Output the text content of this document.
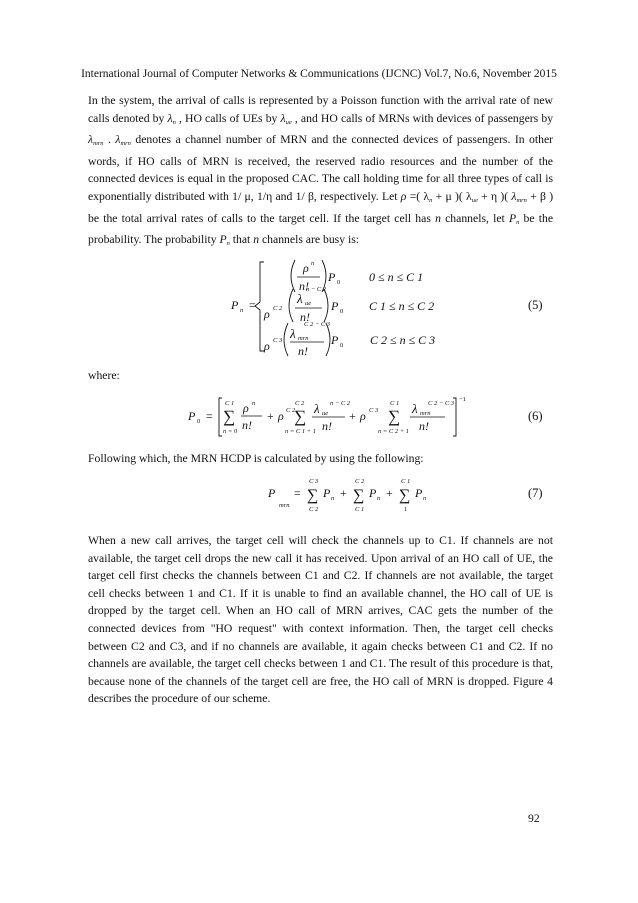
International Journal of Computer Networks & Communications (IJCNC) Vol.7, No.6, November 2015
In the system, the arrival of calls is represented by a Poisson function with the arrival rate of new calls denoted by $\lambda_n$ , HO calls of UEs by $\lambda_{ue}$ , and HO calls of MRNs with devices of passengers by $\lambda_{mrn}$ . $\lambda_{mrn}$ denotes a channel number of MRN and the connected devices of passengers. In other words, if HO calls of MRN is received, the reserved radio resources and the number of the connected devices is equal in the proposed CAC. The call holding time for all three types of call is exponentially distributed with 1/ μ, 1/η and 1/ β, respectively. Let ρ =( $\lambda_n + \mu$ )( $\lambda_{ue} + \eta$ )( $\lambda_{mrn} + \beta$ ) be the total arrival rates of calls to the target cell. If the target cell has n channels, let $P_n$ be the probability. The probability $P_n$ that n channels are busy is:
P n =
ρ n
n!
P 0 0 ≤ n ≤ C 1
ρ C 2
n − C 2
λ ue
n!
P 0 C 1 ≤ n ≤ C 2
ρ C 3
C 2 − C 3
λ mrn
n!
P 0 C 2 ≤ n ≤ C 3
(5)
P 0 =
C 1
∑
n = 0
ρ n
n!
+ ρ C 2
C 2
∑
n = C 1 + 1
n − C 2
λ ue
n!
+ ρ C 3
C 1
∑
n = C 2 + 1
C 2 − C 3
λ mrn
n!
−1
(6)
P
mrn
=
C 3
∑
C 2
P n +
C 2
∑
C 1
P n +
C 1
∑
1
P n	(7)
where:
Following which, the MRN HCDP is calculated by using the following:
When a new call arrives, the target cell will check the channels up to C1. If channels are not available, the target cell drops the new call it has received. Upon arrival of an HO call of UE, the target cell first checks the channels between C1 and C2. If channels are not available, the target cell checks between 1 and C1. If it is unable to find an available channel, the HO call of UE is dropped by the target cell. When an HO call of MRN arrives, CAC gets the number of the connected devices from "HO request" with context information. Then, the target cell checks between C2 and C3, and if no channels are available, it again checks between C1 and C2. If no channels are available, the target cell checks between 1 and C1. The result of this procedure is that, because none of the channels of the target cell are free, the HO call of MRN is dropped. Figure 4 describes the procedure of our scheme.
92
